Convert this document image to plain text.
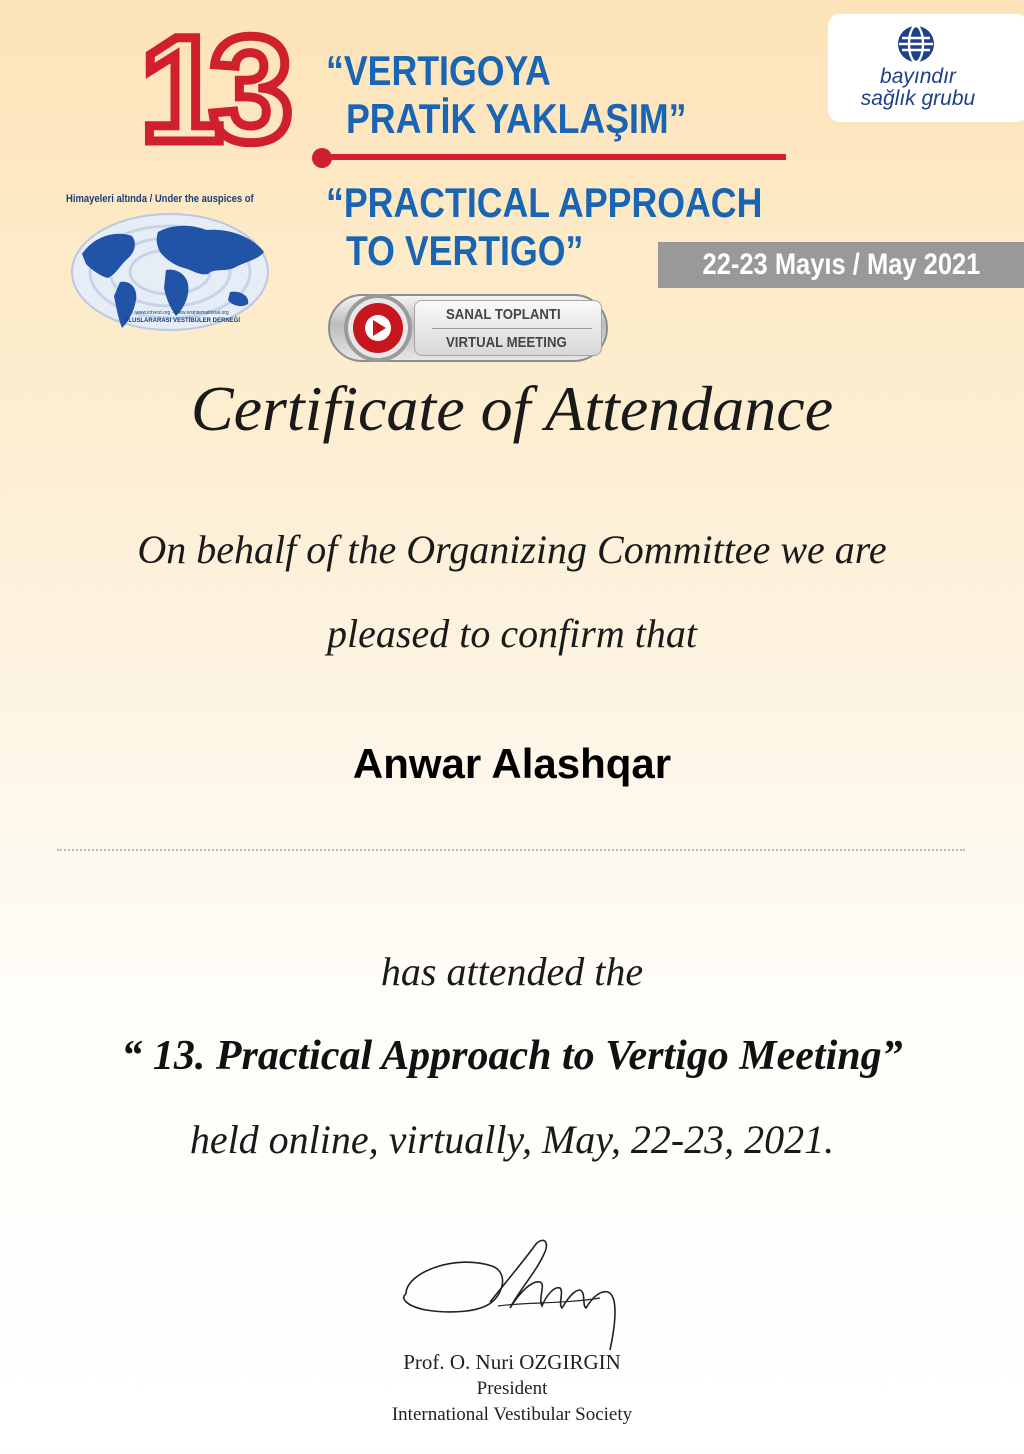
13 “VERTIGOYA
PRATİK YAKLAŞIM”
“PRACTICAL APPROACH
TO VERTIGO”
Himayeleri altında / Under the auspices of
www.intvest.org - www.ivsinternational.org
ULUSLARARASI VESTİBÜLER DERNEĞİ
bayındır
sağlık grubu
22-23 Mayıs / May 2021
SANAL TOPLANTI
VIRTUAL MEETING
Certificate of Attendance
On behalf of the Organizing Committee we are
pleased to confirm that
Anwar Alashqar
has attended the
“ 13. Practical Approach to Vertigo Meeting”
held online, virtually, May, 22-23, 2021.
Prof. O. Nuri OZGIRGIN
President
International Vestibular Society
